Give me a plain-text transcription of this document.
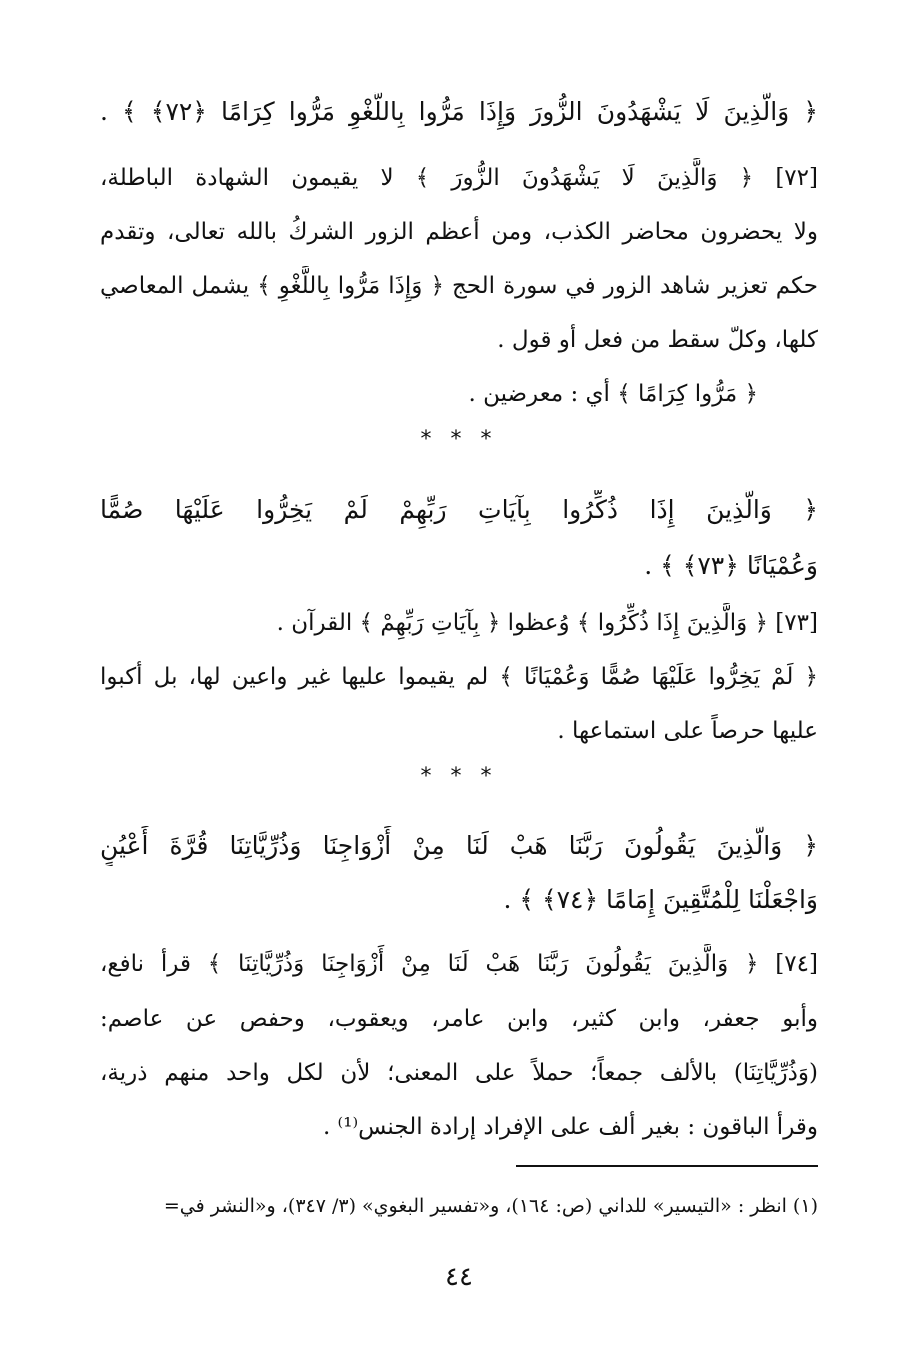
﴿ وَالَّذِينَ لَا يَشْهَدُونَ الزُّورَ وَإِذَا مَرُّوا بِاللَّغْوِ مَرُّوا كِرَامًا ﴿٧٢﴾ ﴾ .
[٧٢] ﴿ وَالَّذِينَ لَا يَشْهَدُونَ الزُّورَ ﴾ لا يقيمون الشهادة الباطلة،
ولا يحضرون محاضر الكذب، ومن أعظم الزور الشركُ بالله تعالى، وتقدم
حكم تعزير شاهد الزور في سورة الحج ﴿ وَإِذَا مَرُّوا بِاللَّغْوِ ﴾ يشمل المعاصي
كلها، وكلّ سقط من فعل أو قول .
﴿ مَرُّوا كِرَامًا ﴾ أي : معرضين .
* * *
﴿ وَالَّذِينَ إِذَا ذُكِّرُوا بِآيَاتِ رَبِّهِمْ لَمْ يَخِرُّوا عَلَيْهَا صُمًّا
وَعُمْيَانًا ﴿٧٣﴾ ﴾ .
[٧٣] ﴿ وَالَّذِينَ إِذَا ذُكِّرُوا ﴾ وُعظوا ﴿ بِآيَاتِ رَبِّهِمْ ﴾ القرآن .
﴿ لَمْ يَخِرُّوا عَلَيْهَا صُمًّا وَعُمْيَانًا ﴾ لم يقيموا عليها غير واعين لها، بل أكبوا
عليها حرصاً على استماعها .
* * *
﴿ وَالَّذِينَ يَقُولُونَ رَبَّنَا هَبْ لَنَا مِنْ أَزْوَاجِنَا وَذُرِّيَّاتِنَا قُرَّةَ أَعْيُنٍ
وَاجْعَلْنَا لِلْمُتَّقِينَ إِمَامًا ﴿٧٤﴾ ﴾ .
[٧٤] ﴿ وَالَّذِينَ يَقُولُونَ رَبَّنَا هَبْ لَنَا مِنْ أَزْوَاجِنَا وَذُرِّيَّاتِنَا ﴾ قرأ نافع،
وأبو جعفر، وابن كثير، وابن عامر، ويعقوب، وحفص عن عاصم:
(وَذُرِّيَّاتِنَا) بالألف جمعاً؛ حملاً على المعنى؛ لأن لكل واحد منهم ذرية،
وقرأ الباقون : بغير ألف على الإفراد إرادة الجنس⁽¹⁾ .
(١) انظر : «التيسير» للداني (ص: ١٦٤)، و«تفسير البغوي» (٣/ ٣٤٧)، و«النشر في=
٤٤
